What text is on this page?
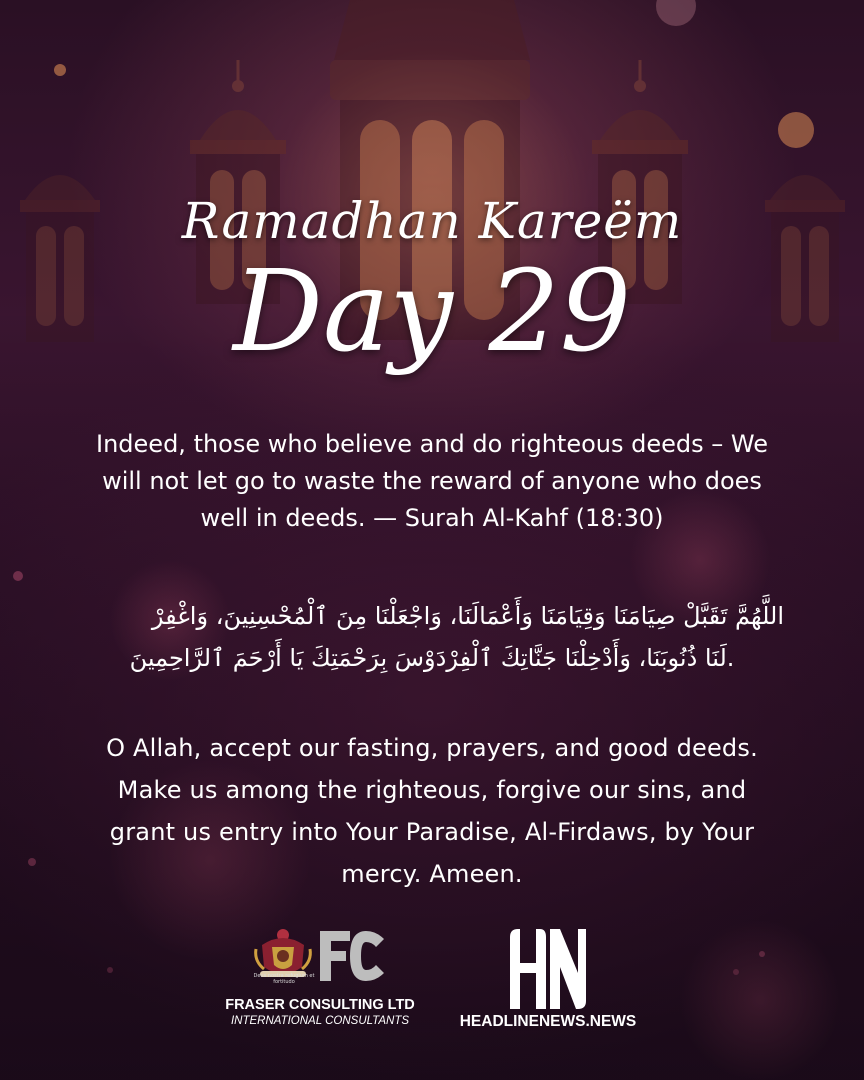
Ramadhan Kareëm
Day 29
Indeed, those who believe and do righteous deeds – We will not let go to waste the reward of anyone who does well in deeds. — Surah Al-Kahf (18:30)
اللَّهُمَّ تَقَبَّلْ صِيَامَنَا وَقِيَامَنَا وَأَعْمَالَنَا، وَاجْعَلْنَا مِنَ ٱلْمُحْسِنِينَ، وَاغْفِرْ
.لَنَا ذُنُوبَنَا، وَأَدْخِلْنَا جَنَّاتِكَ ٱلْفِرْدَوْسَ بِرَحْمَتِكَ يَا أَرْحَمَ ٱلرَّاحِمِينَ
O Allah, accept our fasting, prayers, and good deeds. Make us among the righteous, forgive our sins, and grant us entry into Your Paradise, Al-Firdaws, by Your mercy. Ameen.
Deus nostra refugium et fortitudo
FRASER CONSULTING LTD
INTERNATIONAL CONSULTANTS	HEADLINENEWS.NEWS
